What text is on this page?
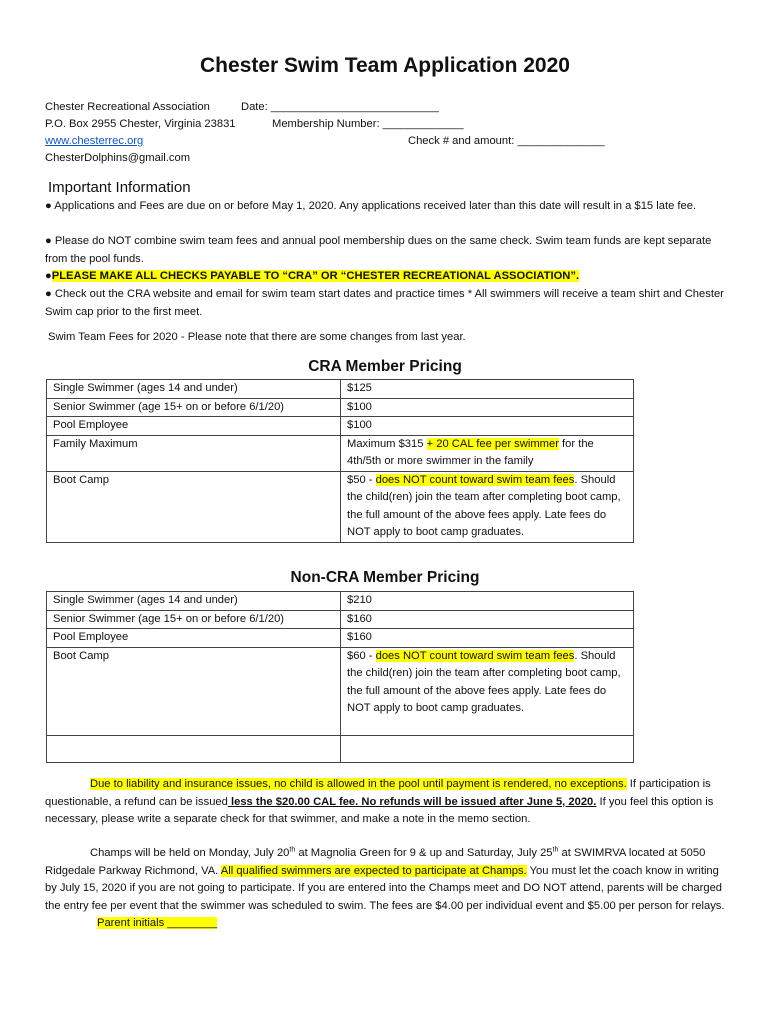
Chester Swim Team Application 2020
Chester Recreational Association	Date: ___________________________
P.O. Box 2955 Chester, Virginia 23831	Membership Number: _____________
www.chesterrec.org	Check # and amount: ______________
ChesterDolphins@gmail.com
Important Information
● Applications and Fees are due on or before May 1, 2020. Any applications received later than this date will result in a $15 late fee.
● Please do NOT combine swim team fees and annual pool membership dues on the same check. Swim team funds are kept separate from the pool funds.
●PLEASE MAKE ALL CHECKS PAYABLE TO “CRA” OR “CHESTER RECREATIONAL ASSOCIATION”.
● Check out the CRA website and email for swim team start dates and practice times * All swimmers will receive a team shirt and Chester Swim cap prior to the first meet.
Swim Team Fees for 2020 - Please note that there are some changes from last year.
CRA Member Pricing
Single Swimmer (ages 14 and under)	$125
Senior Swimmer (age 15+ on or before 6/1/20)	$100
Pool Employee	$100
Family Maximum	Maximum $315 + 20 CAL fee per swimmer for the 4th/5th or more swimmer in the family
Boot Camp	$50 - does NOT count toward swim team fees. Should the child(ren) join the team after completing boot camp, the full amount of the above fees apply. Late fees do NOT apply to boot camp graduates.
Non-CRA Member Pricing
Single Swimmer (ages 14 and under)	$210
Senior Swimmer (age 15+ on or before 6/1/20)	$160
Pool Employee	$160
Boot Camp	$60 - does NOT count toward swim team fees. Should the child(ren) join the team after completing boot camp, the full amount of the above fees apply. Late fees do NOT apply to boot camp graduates.

Due to liability and insurance issues, no child is allowed in the pool until payment is rendered, no exceptions. If participation is questionable, a refund can be issued less the $20.00 CAL fee. No refunds will be issued after June 5, 2020. If you feel this option is necessary, please write a separate check for that swimmer, and make a note in the memo section.
Champs will be held on Monday, July 20th at Magnolia Green for 9 & up and Saturday, July 25th at SWIMRVA located at 5050 Ridgedale Parkway Richmond, VA. All qualified swimmers are expected to participate at Champs. You must let the coach know in writing by July 15, 2020 if you are not going to participate. If you are entered into the Champs meet and DO NOT attend, parents will be charged the entry fee per event that the swimmer was scheduled to swim. The fees are $4.00 per individual event and $5.00 per person for relays.Parent initials ________
